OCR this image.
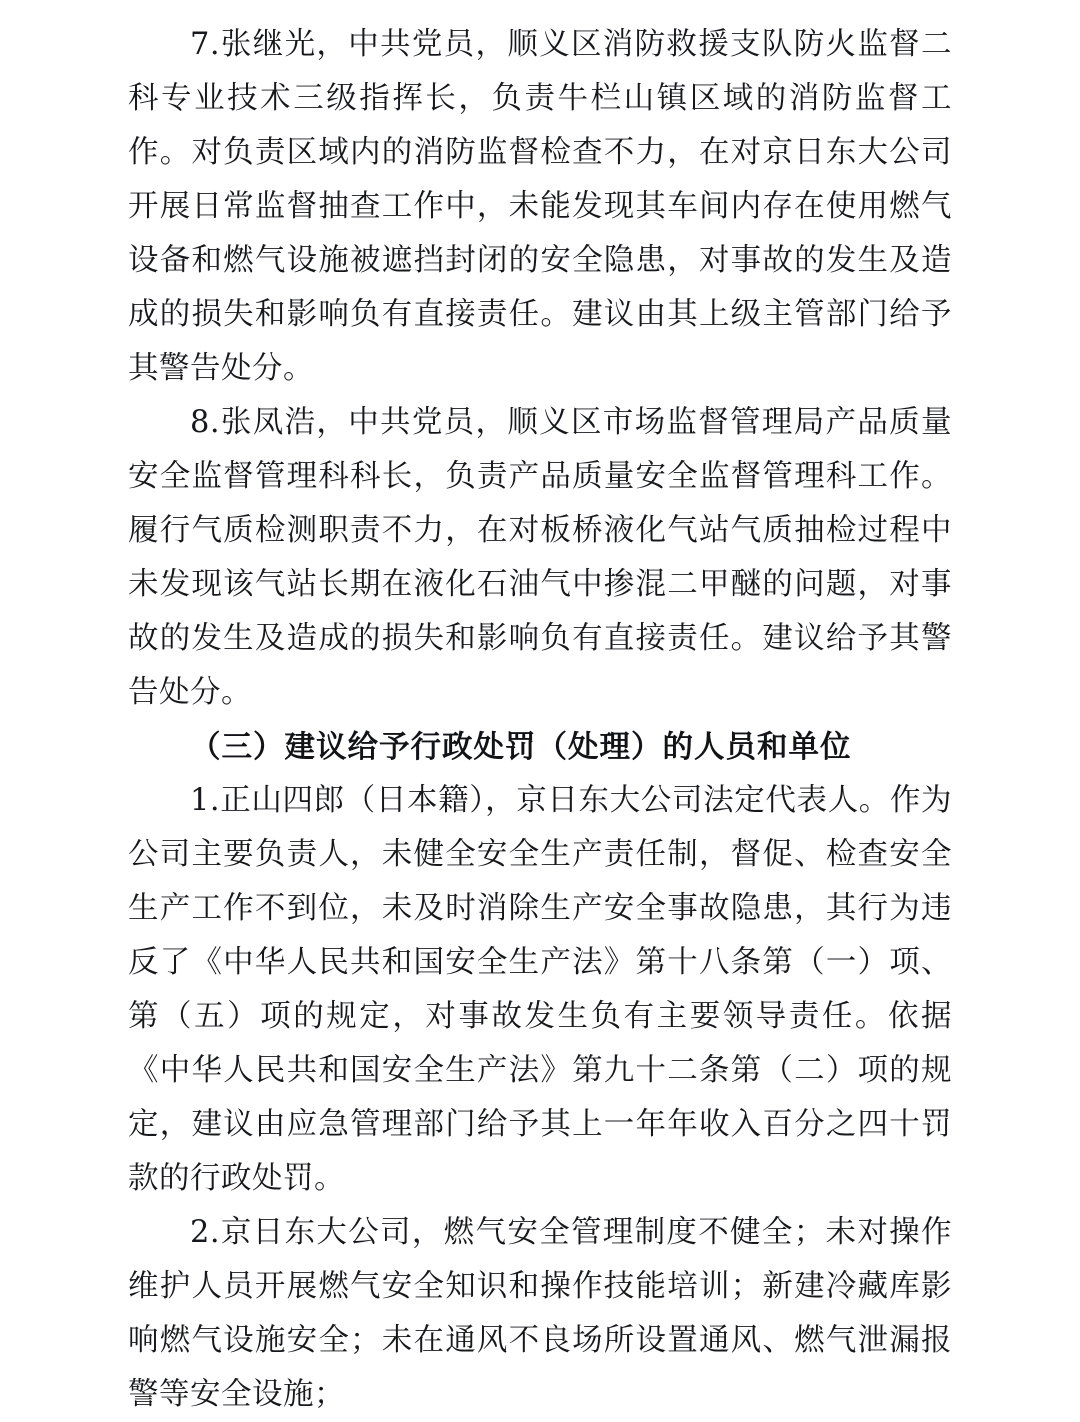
7.张继光，中共党员，顺义区消防救援支队防火监督二科专业技术三级指挥长，负责牛栏山镇区域的消防监督工作。对负责区域内的消防监督检查不力，在对京日东大公司开展日常监督抽查工作中，未能发现其车间内存在使用燃气设备和燃气设施被遮挡封闭的安全隐患，对事故的发生及造成的损失和影响负有直接责任。建议由其上级主管部门给予其警告处分。

8.张凤浩，中共党员，顺义区市场监督管理局产品质量安全监督管理科科长，负责产品质量安全监督管理科工作。履行气质检测职责不力，在对板桥液化气站气质抽检过程中未发现该气站长期在液化石油气中掺混二甲醚的问题，对事故的发生及造成的损失和影响负有直接责任。建议给予其警告处分。

（三）建议给予行政处罚（处理）的人员和单位

1.正山四郎（日本籍），京日东大公司法定代表人。作为公司主要负责人，未健全安全生产责任制，督促、检查安全生产工作不到位，未及时消除生产安全事故隐患，其行为违反了《中华人民共和国安全生产法》第十八条第（一）项、第（五）项的规定，对事故发生负有主要领导责任。依据《中华人民共和国安全生产法》第九十二条第（二）项的规定，建议由应急管理部门给予其上一年年收入百分之四十罚款的行政处罚。

2.京日东大公司，燃气安全管理制度不健全；未对操作维护人员开展燃气安全知识和操作技能培训；新建冷藏库影响燃气设施安全；未在通风不良场所设置通风、燃气泄漏报警等安全设施；
